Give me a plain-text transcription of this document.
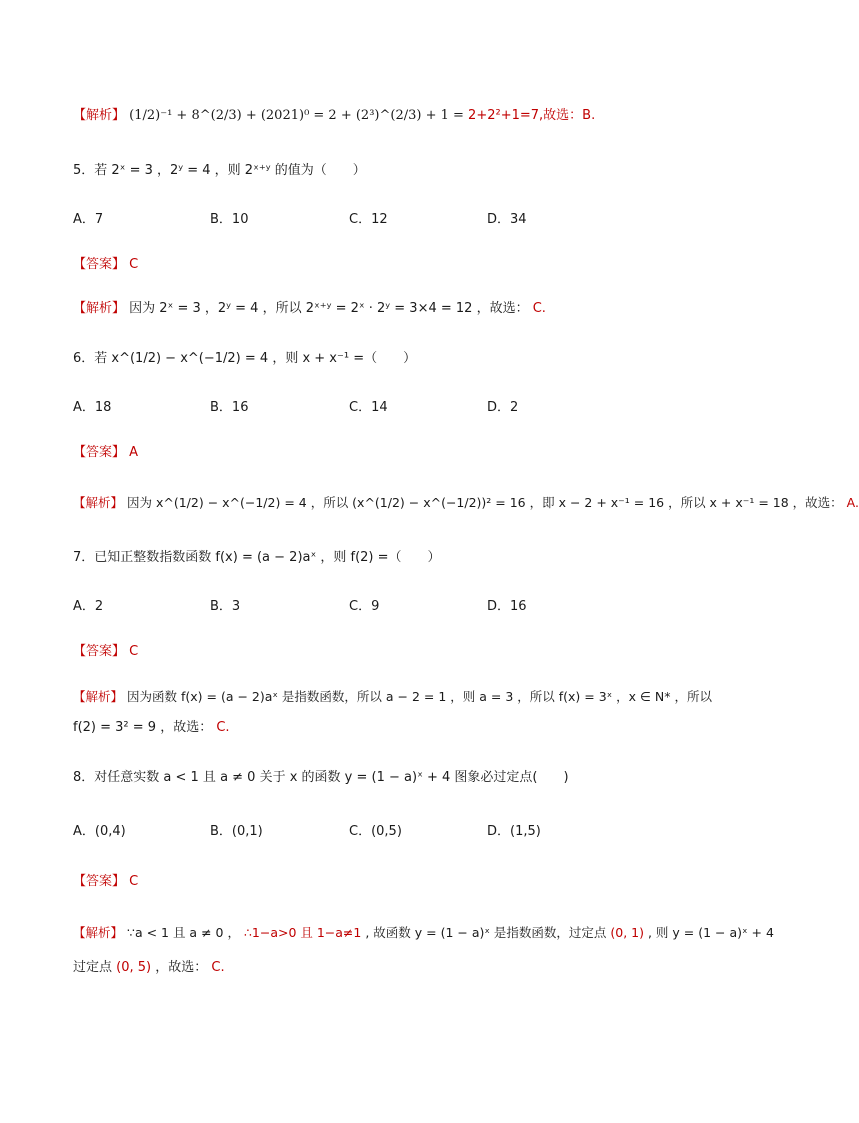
【解析】 (1/2)⁻¹ + 8^(2/3) + (2021)⁰ = 2 + (2³)^(2/3) + 1 = 2+2²+1=7,故选：B.
5．若 2ˣ = 3 ，2ʸ = 4 ，则 2ˣ⁺ʸ 的值为（　　）
A．7	B．10	C．12	D．34
【答案】 C
【解析】 因为 2ˣ = 3 ，2ʸ = 4 ，所以 2ˣ⁺ʸ = 2ˣ · 2ʸ = 3×4 = 12 ，故选： C.
6．若 x^(1/2) − x^(−1/2) = 4 ，则 x + x⁻¹ =（　　）
A．18	B．16	C．14	D．2
【答案】 A
【解析】 因为 x^(1/2) − x^(−1/2) = 4 ，所以 (x^(1/2) − x^(−1/2))² = 16 ，即 x − 2 + x⁻¹ = 16 ，所以 x + x⁻¹ = 18 ，故选： A.
7．已知正整数指数函数 f(x) = (a − 2)aˣ ，则 f(2) =（　　）
A．2	B．3	C．9	D．16
【答案】 C
【解析】 因为函数 f(x) = (a − 2)aˣ 是指数函数，所以 a − 2 = 1 ，则 a = 3 ，所以 f(x) = 3ˣ ，x ∈ N* ，所以
f(2) = 3² = 9 ，故选： C.
8．对任意实数 a < 1 且 a ≠ 0 关于 x 的函数 y = (1 − a)ˣ + 4 图象必过定点(　　)
A．(0,4)	B．(0,1)	C．(0,5)	D．(1,5)
【答案】 C
【解析】 ∵a < 1 且 a ≠ 0 ， ∴1−a>0 且 1−a≠1 , 故函数 y = (1 − a)ˣ 是指数函数，过定点 (0, 1) , 则 y = (1 − a)ˣ + 4
过定点 (0, 5) ，故选： C.
